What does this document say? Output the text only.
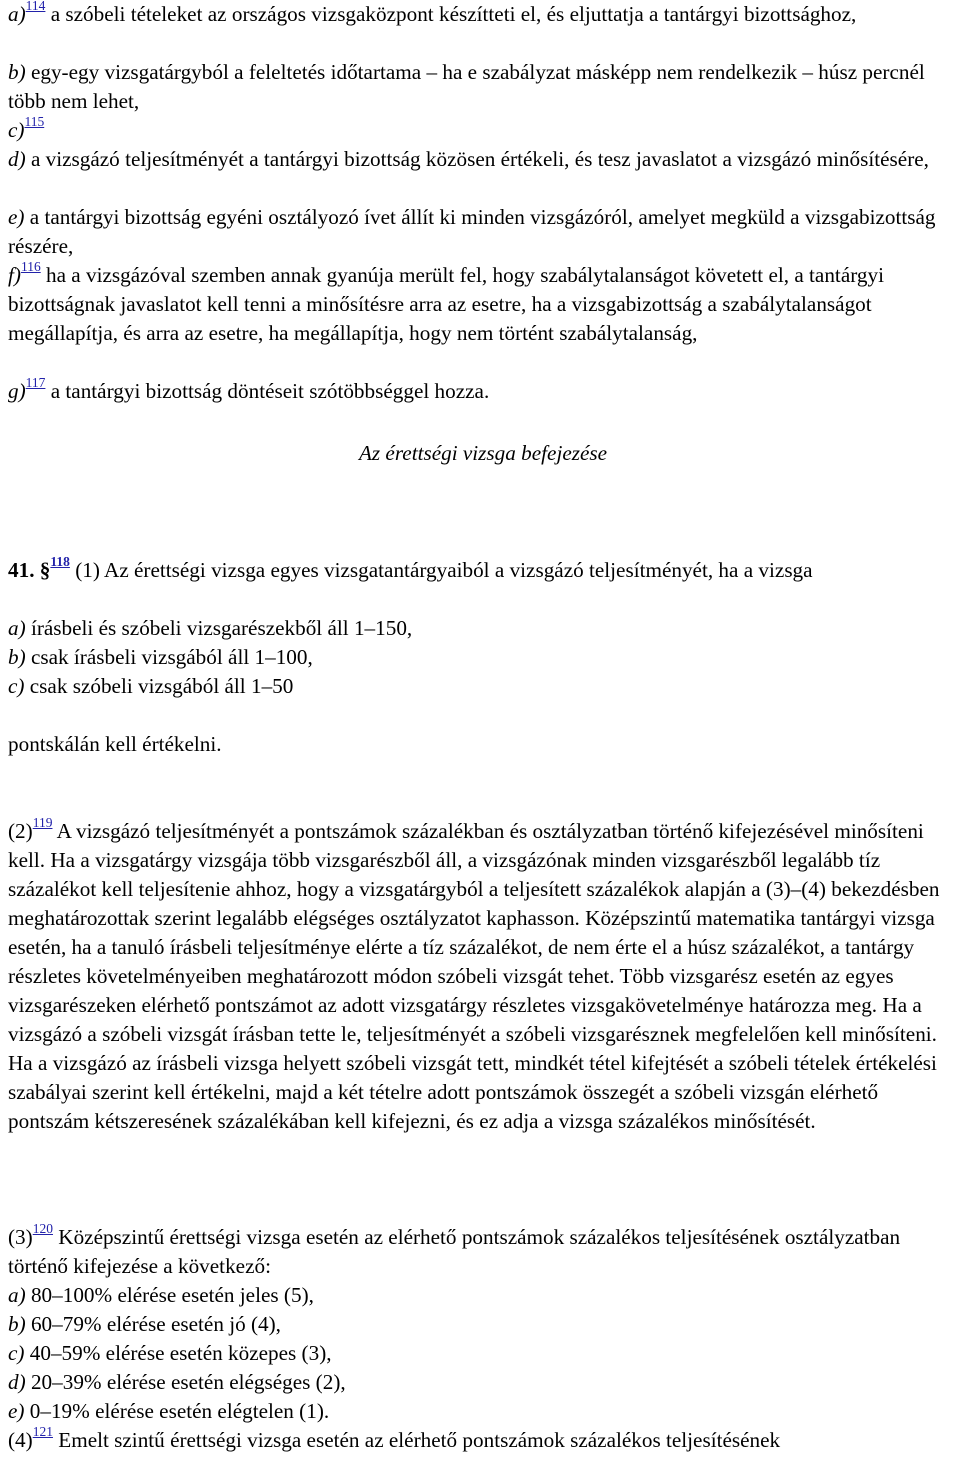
a)$^{114}$ a szóbeli tételeket az országos vizsgaközpont készítteti el, és eljuttatja a tantárgyi bizottsághoz,
b) egy-egy vizsgatárgyból a feleltetés időtartama – ha e szabályzat másképp nem rendelkezik – húsz percnél több nem lehet,
c)$^{115}$
d) a vizsgázó teljesítményét a tantárgyi bizottság közösen értékeli, és tesz javaslatot a vizsgázó minősítésére,
e) a tantárgyi bizottság egyéni osztályozó ívet állít ki minden vizsgázóról, amelyet megküld a vizsgabizottság részére,
f)$^{116}$ ha a vizsgázóval szemben annak gyanúja merült fel, hogy szabálytalanságot követett el, a tantárgyi bizottságnak javaslatot kell tenni a minősítésre arra az esetre, ha a vizsgabizottság a szabálytalanságot megállapítja, és arra az esetre, ha megállapítja, hogy nem történt szabálytalanság,
g)$^{117}$ a tantárgyi bizottság döntéseit szótöbbséggel hozza.
Az érettségi vizsga befejezése
41. §$^{118}$ (1) Az érettségi vizsga egyes vizsgatantárgyaiból a vizsgázó teljesítményét, ha a vizsga
a) írásbeli és szóbeli vizsgarészekből áll 1–150,
b) csak írásbeli vizsgából áll 1–100,
c) csak szóbeli vizsgából áll 1–50
pontskálán kell értékelni.
$(2)^{119}$ A vizsgázó teljesítményét a pontszámok százalékban és osztályzatban történő kifejezésével minősíteni kell. Ha a vizsgatárgy vizsgája több vizsgarészből áll, a vizsgázónak minden vizsgarészből legalább tíz százalékot kell teljesítenie ahhoz, hogy a vizsgatárgyból a teljesített százalékok alapján a (3)–(4) bekezdésben meghatározottak szerint legalább elégséges osztályzatot kaphasson. Középszintű matematika tantárgyi vizsga esetén, ha a tanuló írásbeli teljesítménye elérte a tíz százalékot, de nem érte el a húsz százalékot, a tantárgy részletes követelményeiben meghatározott módon szóbeli vizsgát tehet. Több vizsgarész esetén az egyes vizsgarészeken elérhető pontszámot az adott vizsgatárgy részletes vizsgakövetelménye határozza meg. Ha a vizsgázó a szóbeli vizsgát írásban tette le, teljesítményét a szóbeli vizsgarésznek megfelelően kell minősíteni. Ha a vizsgázó az írásbeli vizsga helyett szóbeli vizsgát tett, mindkét tétel kifejtését a szóbeli tételek értékelési szabályai szerint kell értékelni, majd a két tételre adott pontszámok összegét a szóbeli vizsgán elérhető pontszám kétszeresének százalékában kell kifejezni, és ez adja a vizsga százalékos minősítését.
$(3)^{120}$ Középszintű érettségi vizsga esetén az elérhető pontszámok százalékos teljesítésének osztályzatban történő kifejezése a következő:
a) 80–100% elérése esetén jeles (5),
b) 60–79% elérése esetén jó (4),
c) 40–59% elérése esetén közepes (3),
d) 20–39% elérése esetén elégséges (2),
e) 0–19% elérése esetén elégtelen (1).
$(4)^{121}$ Emelt szintű érettségi vizsga esetén az elérhető pontszámok százalékos teljesítésének
